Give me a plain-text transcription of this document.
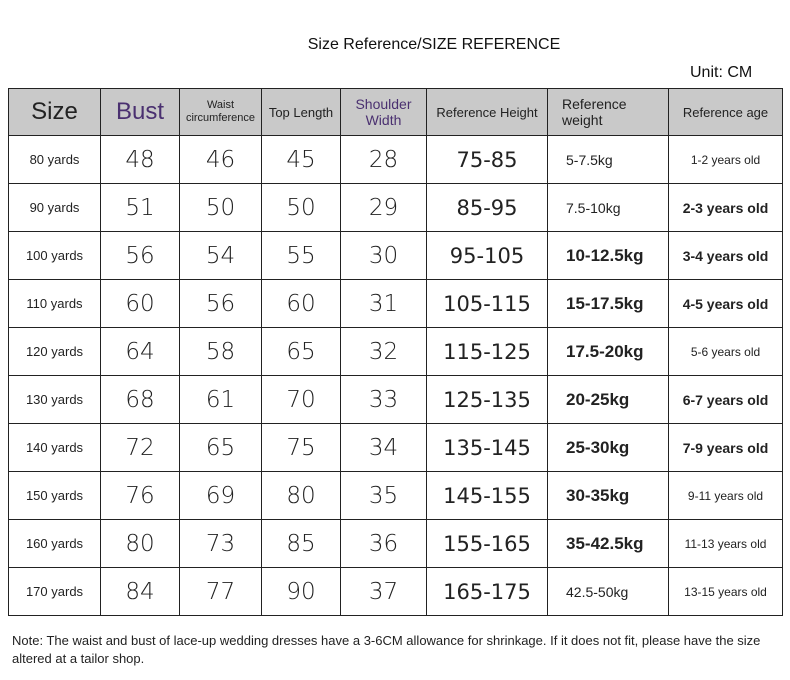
Size Reference/SIZE REFERENCE
Unit: CM
Size	Bust	Waist circumference	Top Length	Shoulder Width	Reference Height	Reference weight	Reference age
80 yards	48	46	45	28	75-85	5-7.5kg	1-2 years old
90 yards	51	50	50	29	85-95	7.5-10kg	2-3 years old
100 yards	56	54	55	30	95-105	10-12.5kg	3-4 years old
110 yards	60	56	60	31	105-115	15-17.5kg	4-5 years old
120 yards	64	58	65	32	115-125	17.5-20kg	5-6 years old
130 yards	68	61	70	33	125-135	20-25kg	6-7 years old
140 yards	72	65	75	34	135-145	25-30kg	7-9 years old
150 yards	76	69	80	35	145-155	30-35kg	9-11 years old
160 yards	80	73	85	36	155-165	35-42.5kg	11-13 years old
170 yards	84	77	90	37	165-175	42.5-50kg	13-15 years old
Note: The waist and bust of lace-up wedding dresses have a 3-6CM allowance for shrinkage. If it does not fit, please have the size altered at a tailor shop.
